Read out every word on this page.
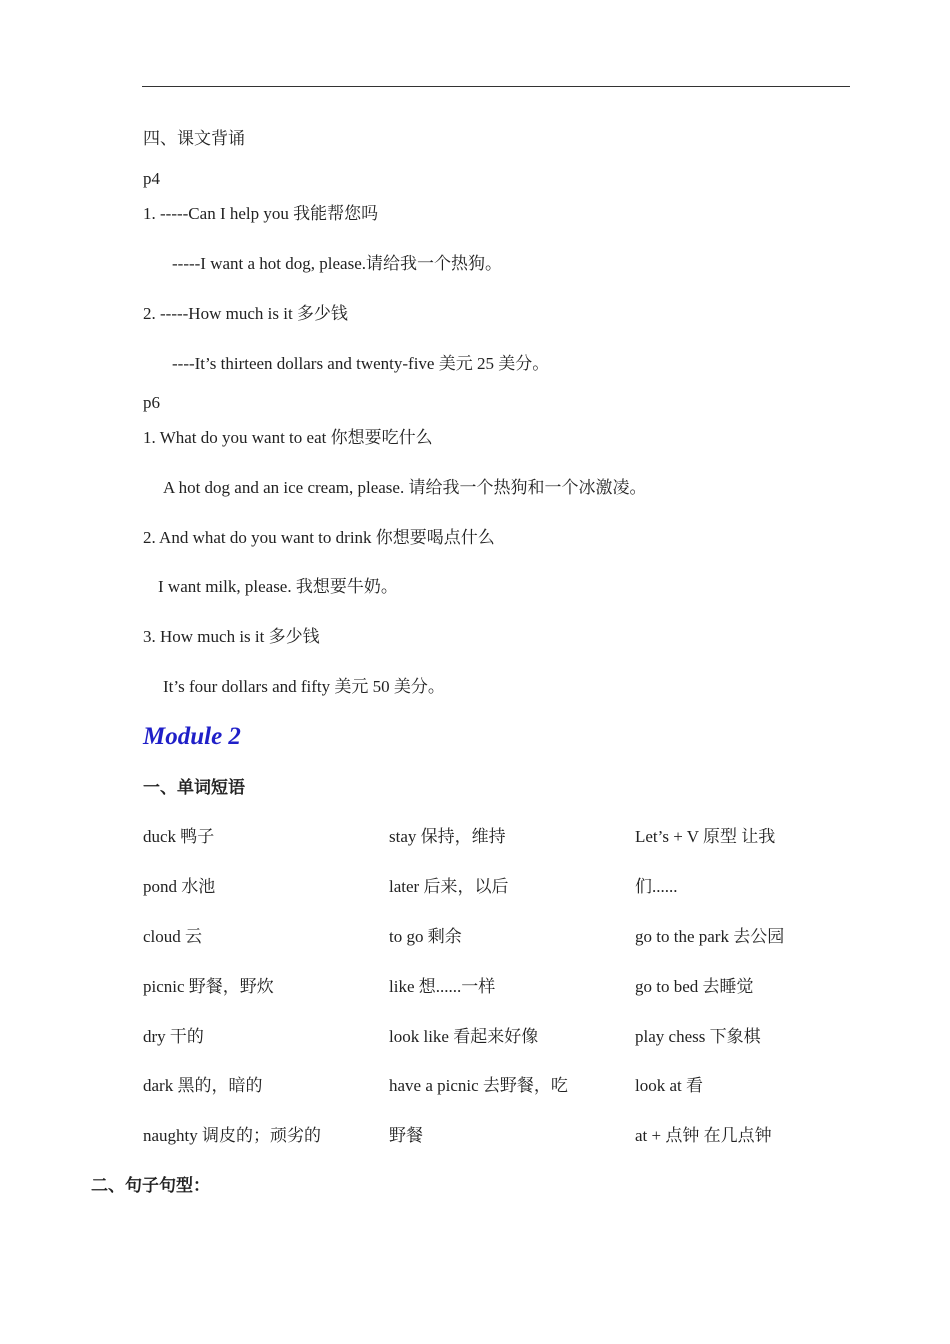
四、课文背诵
p4
1. -----Can I help you 我能帮您吗
-----I want a hot dog, please.请给我一个热狗。
2. -----How much is it 多少钱
----It’s thirteen dollars and twenty-five 美元 25 美分。
p6
1. What do you want to eat 你想要吃什么
A hot dog and an ice cream, please. 请给我一个热狗和一个冰激凌。
2. And what do you want to drink 你想要喝点什么
I want milk, please. 我想要牛奶。
3. How much is it 多少钱
It’s four dollars and fifty 美元 50 美分。
Module 2
一、单词短语
duck 鸭子
pond 水池
cloud 云
picnic 野餐，野炊
dry 干的
dark 黑的，暗的
naughty 调皮的；顽劣的
stay 保持，维持
later 后来，以后
to go 剩余
like 想......一样
look like 看起来好像
have a picnic 去野餐，吃
野餐
Let’s + V 原型 让我
们......
go to the park 去公园
go to bed 去睡觉
play chess 下象棋
look at 看
at + 点钟 在几点钟
二、句子句型：
